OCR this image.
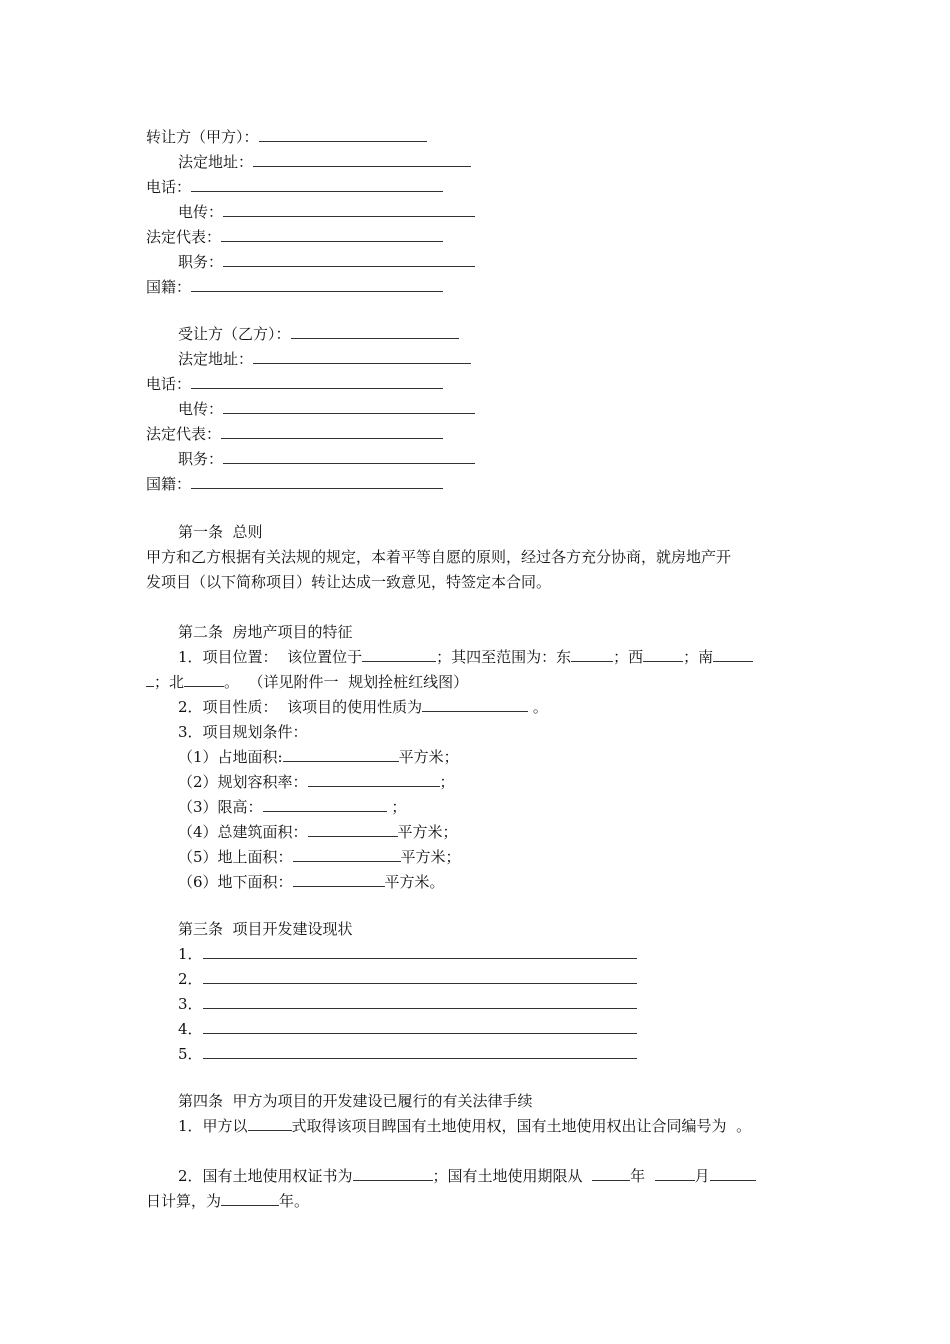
转让方（甲方）：
法定地址：
电话：
电传：
法定代表：
职务：
国籍：
受让方（乙方）：
法定地址：
电话：
电传：
法定代表：
职务：
国籍：
第一条  总则
甲方和乙方根据有关法规的规定，本着平等自愿的原则，经过各方充分协商，就房地产开
发项目（以下简称项目）转让达成一致意见，特签定本合同。
第二条  房地产项目的特征
1．项目位置：  该位置位于	；其四至范围为：东	；西	；南
；北	。  （详见附件一  规划拴桩红线图）
2．项目性质：  该项目的使用性质为	。
3．项目规划条件：
（1）占地面积:	平方米；
（2）规划容积率：	；
（3）限高：	；
（4）总建筑面积：	平方米；
（5）地上面积：	平方米；
（6）地下面积：	平方米。
第三条  项目开发建设现状
1．
2．
3．
4．
5．
第四条  甲方为项目的开发建设已履行的有关法律手续
1．甲方以	式取得该项目睥国有土地使用权，国有土地使用权出让合同编号为  。
2．国有土地使用权证书为	；国有土地使用期限从	年	月
日计算，为	年。
